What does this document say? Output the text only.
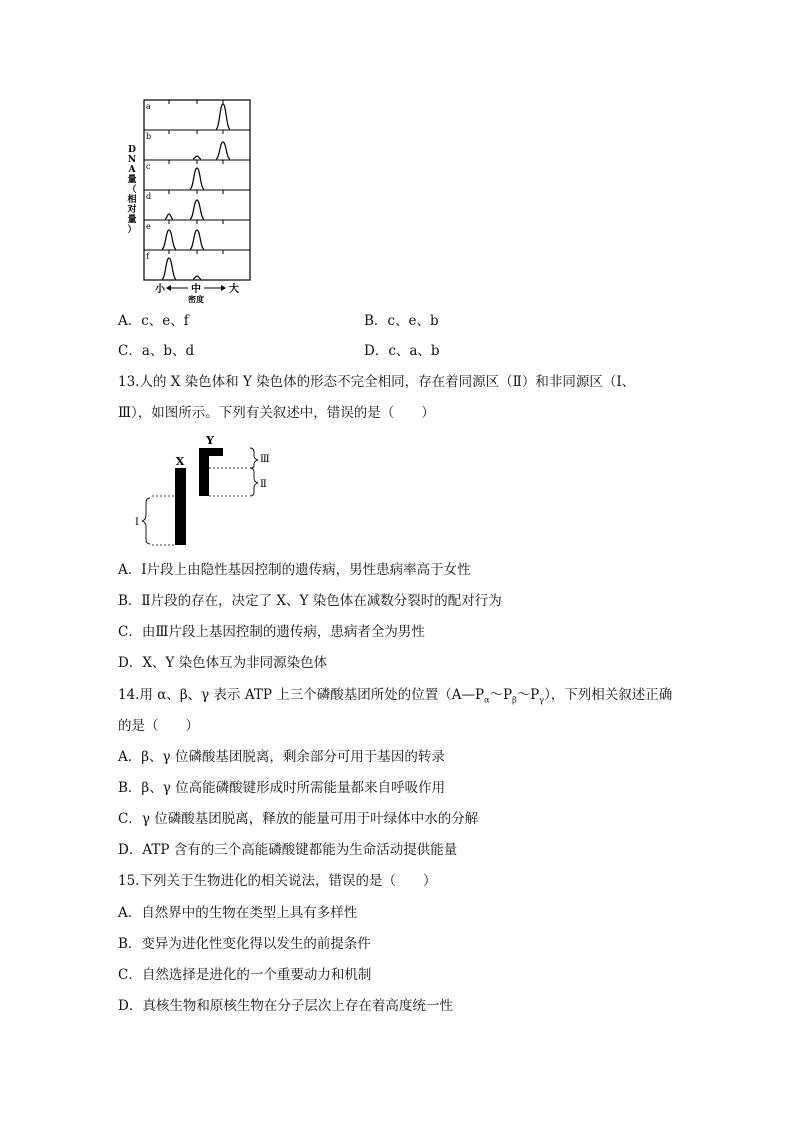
D N A 量（相对量）
a
b
c
d
e
f
小	中	大
密度
A．c、e、f	B．c、e、b
C．a、b、d	D．c、a、b
13.人的 X 染色体和 Y 染色体的形态不完全相同，存在着同源区（Ⅱ）和非同源区（Ⅰ、
Ⅲ），如图所示。下列有关叙述中，错误的是（　　）
X
Y
Ⅲ
Ⅱ
Ⅰ
A．Ⅰ片段上由隐性基因控制的遗传病，男性患病率高于女性
B．Ⅱ片段的存在，决定了 X、Y 染色体在减数分裂时的配对行为
C．由Ⅲ片段上基因控制的遗传病，患病者全为男性
D．X、Y 染色体互为非同源染色体
14.用 α、β、γ 表示 ATP 上三个磷酸基团所处的位置$(A—P_\alpha\sim P_\beta\sim P_\gamma)$，下列相关叙述正确
的是（　　）
A．β、γ 位磷酸基团脱离，剩余部分可用于基因的转录
B．β、γ 位高能磷酸键形成时所需能量都来自呼吸作用
C．γ 位磷酸基团脱离，释放的能量可用于叶绿体中水的分解
D．ATP 含有的三个高能磷酸键都能为生命活动提供能量
15.下列关于生物进化的相关说法，错误的是（　　）
A．自然界中的生物在类型上具有多样性
B．变异为进化性变化得以发生的前提条件
C．自然选择是进化的一个重要动力和机制
D．真核生物和原核生物在分子层次上存在着高度统一性
